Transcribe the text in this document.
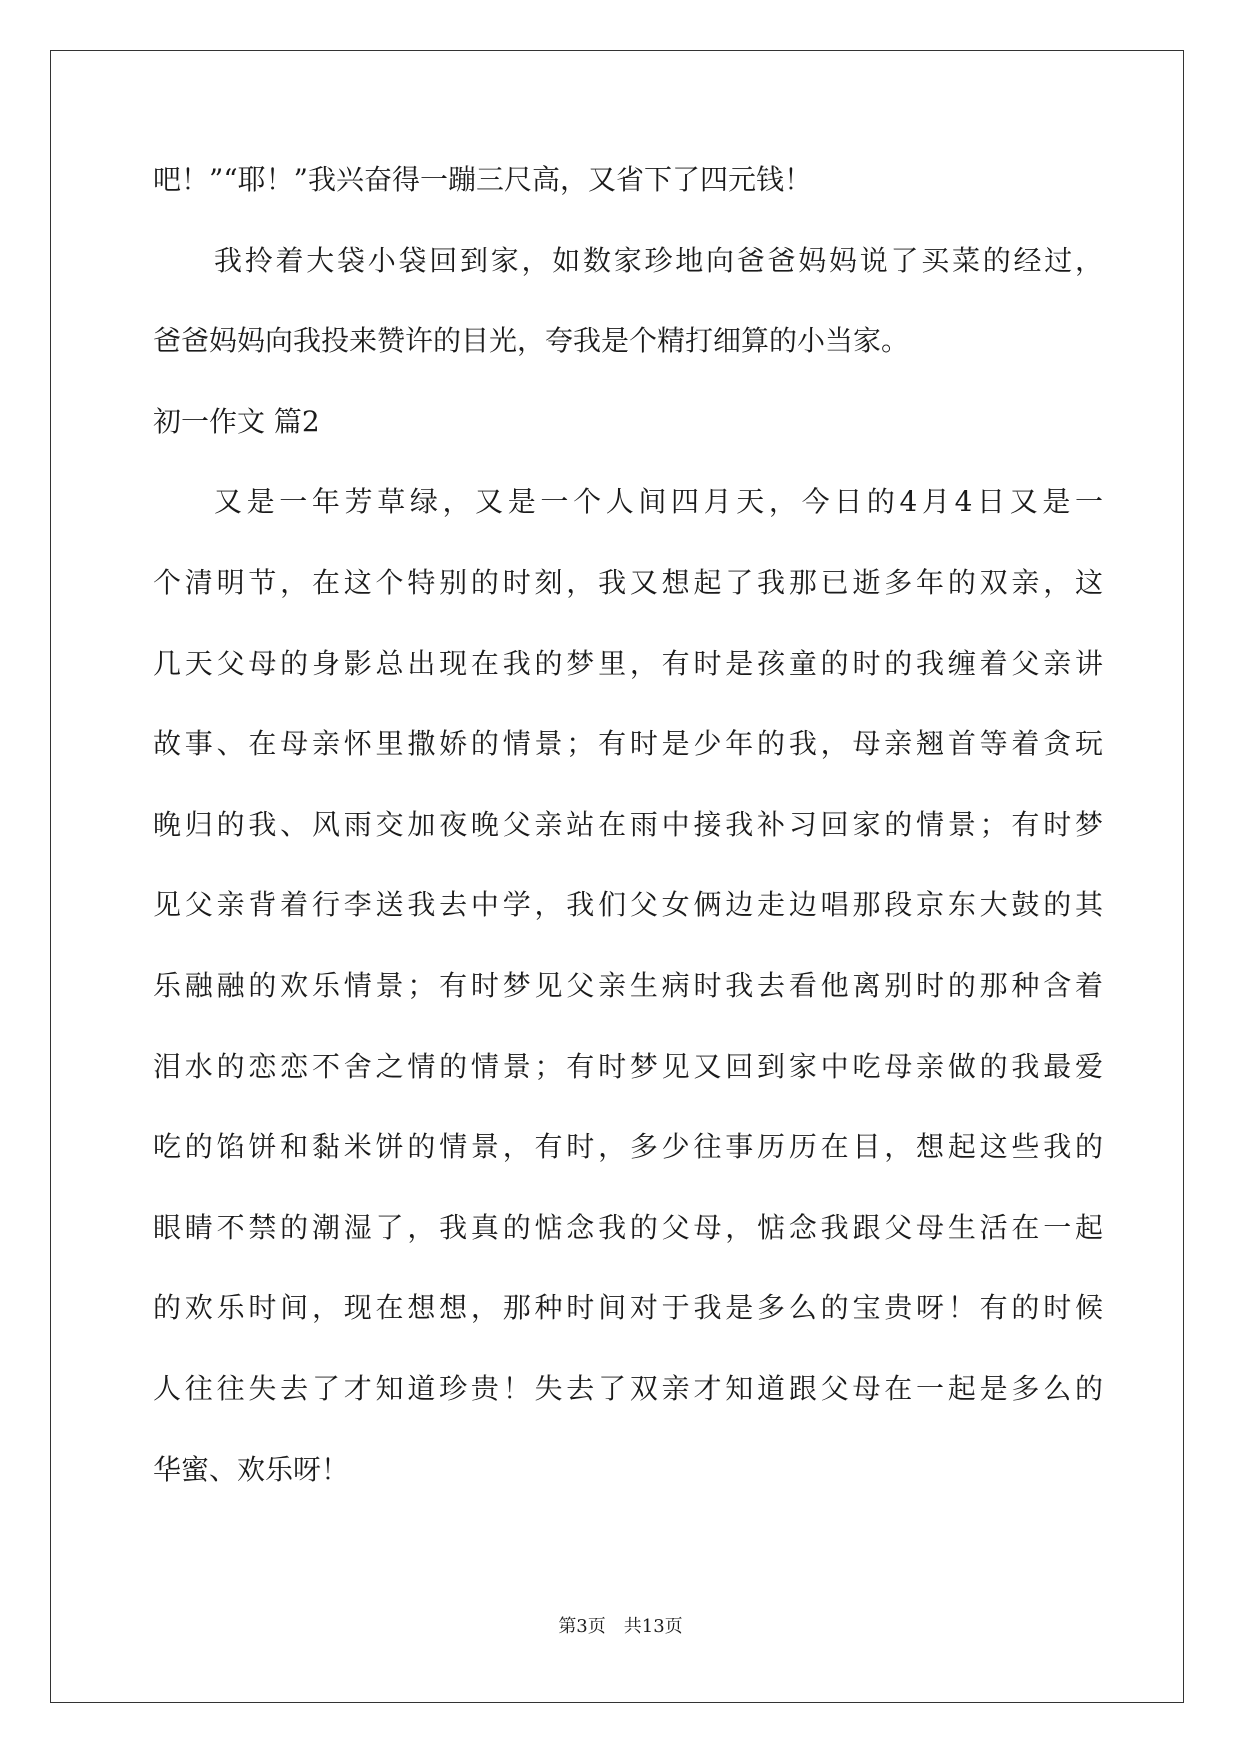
吧！”“耶！”我兴奋得一蹦三尺高，又省下了四元钱！
我拎着大袋小袋回到家，如数家珍地向爸爸妈妈说了买菜的经过，
爸爸妈妈向我投来赞许的目光，夸我是个精打细算的小当家。
初一作文 篇2
又是一年芳草绿，又是一个人间四月天，今日的4月4日又是一
个清明节，在这个特别的时刻，我又想起了我那已逝多年的双亲，这
几天父母的身影总出现在我的梦里，有时是孩童的时的我缠着父亲讲
故事、在母亲怀里撒娇的情景；有时是少年的我，母亲翘首等着贪玩
晚归的我、风雨交加夜晚父亲站在雨中接我补习回家的情景；有时梦
见父亲背着行李送我去中学，我们父女俩边走边唱那段京东大鼓的其
乐融融的欢乐情景；有时梦见父亲生病时我去看他离别时的那种含着
泪水的恋恋不舍之情的情景；有时梦见又回到家中吃母亲做的我最爱
吃的馅饼和黏米饼的情景，有时，多少往事历历在目，想起这些我的
眼睛不禁的潮湿了，我真的惦念我的父母，惦念我跟父母生活在一起
的欢乐时间，现在想想，那种时间对于我是多么的宝贵呀！有的时候
人往往失去了才知道珍贵！失去了双亲才知道跟父母在一起是多么的
华蜜、欢乐呀！
第3页　共13页
